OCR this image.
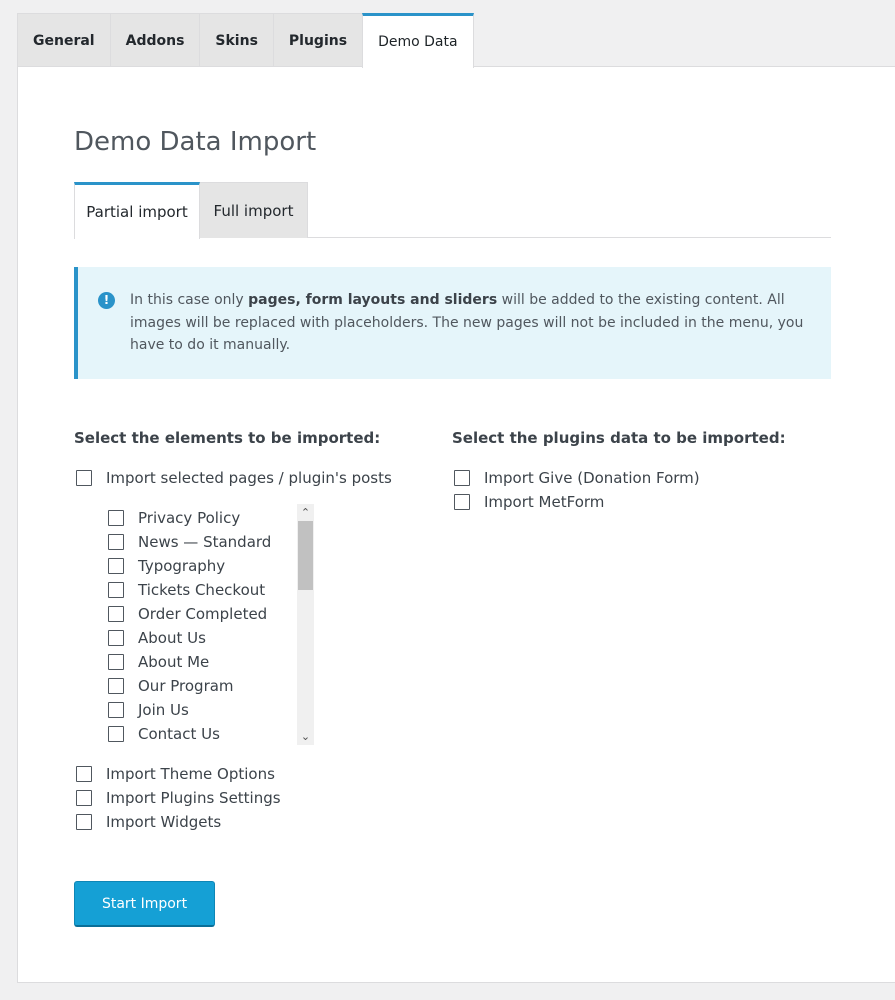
General	Addons	Skins	Plugins	Demo Data
Demo Data Import
Partial import	Full import
!	In this case only pages, form layouts and sliders will be added to the existing content. All images will be replaced with placeholders. The new pages will not be included in the menu, you have to do it manually.
Select the elements to be imported:
Import selected pages / plugin's posts
Privacy Policy
News — Standard
Typography
Tickets Checkout
Order Completed
About Us
About Me
Our Program
Join Us
Contact Us
⌃
⌄
Import Theme Options
Import Plugins Settings
Import Widgets
Select the plugins data to be imported:
Import Give (Donation Form)
Import MetForm
Start Import
